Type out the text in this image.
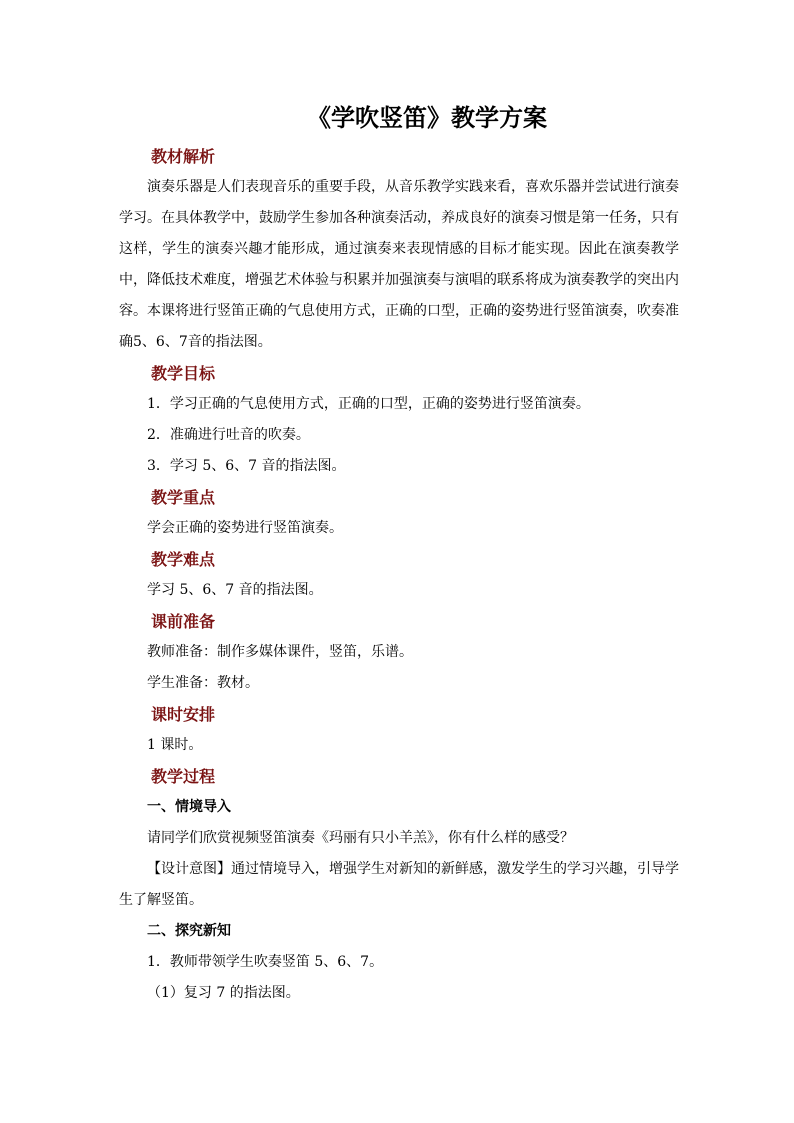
《学吹竖笛》教学方案
教材解析
演奏乐器是人们表现音乐的重要手段，从音乐教学实践来看，喜欢乐器并尝试进行演奏学习。在具体教学中，鼓励学生参加各种演奏活动，养成良好的演奏习惯是第一任务，只有这样，学生的演奏兴趣才能形成，通过演奏来表现情感的目标才能实现。因此在演奏教学中，降低技术难度，增强艺术体验与积累并加强演奏与演唱的联系将成为演奏教学的突出内容。本课将进行竖笛正确的气息使用方式，正确的口型，正确的姿势进行竖笛演奏，吹奏准确5、6、7音的指法图。
教学目标
1．学习正确的气息使用方式，正确的口型，正确的姿势进行竖笛演奏。
2．准确进行吐音的吹奏。
3．学习 5、6、7 音的指法图。
教学重点
学会正确的姿势进行竖笛演奏。
教学难点
学习 5、6、7 音的指法图。
课前准备
教师准备：制作多媒体课件，竖笛，乐谱。
学生准备：教材。
课时安排
1 课时。
教学过程
一、情境导入
请同学们欣赏视频竖笛演奏《玛丽有只小羊羔》，你有什么样的感受？
【设计意图】通过情境导入，增强学生对新知的新鲜感，激发学生的学习兴趣，引导学生了解竖笛。
二、探究新知
1．教师带领学生吹奏竖笛 5、6、7。
（1）复习 7 的指法图。
